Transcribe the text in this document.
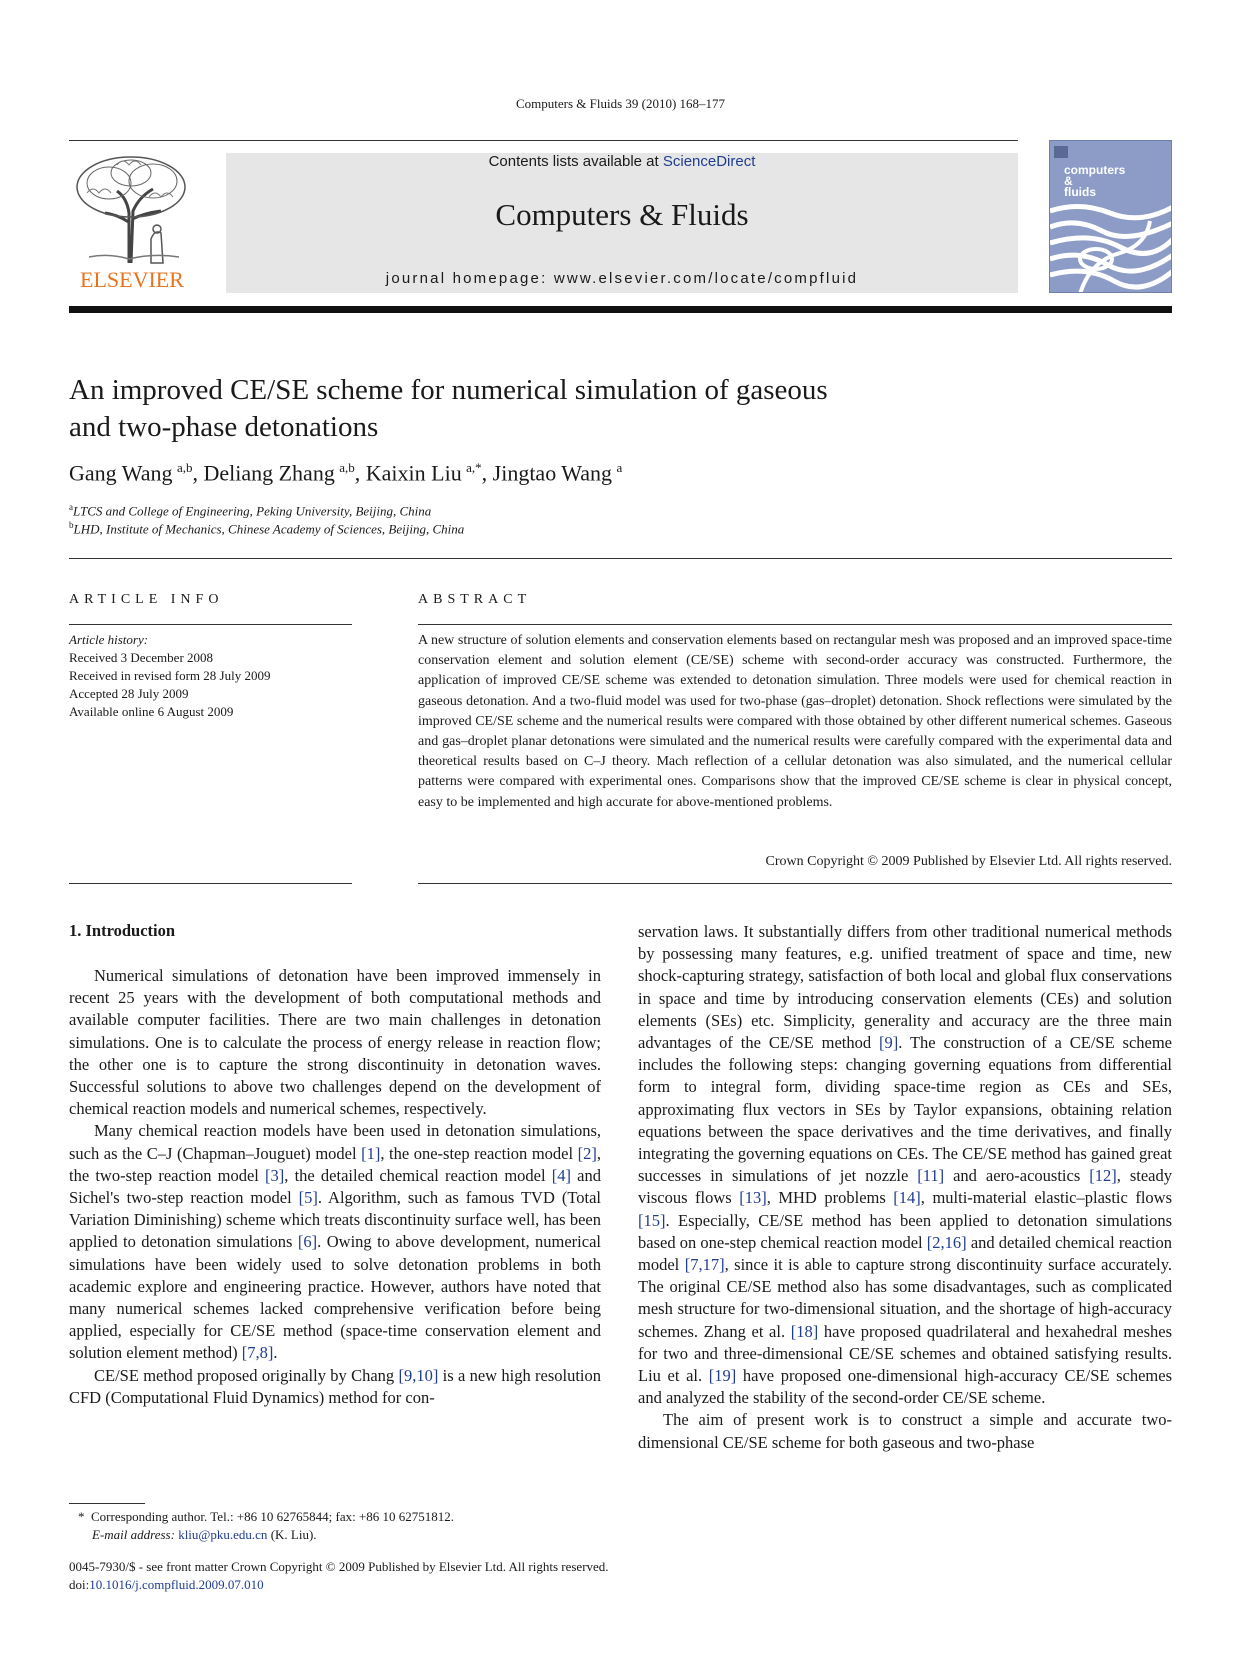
Computers & Fluids 39 (2010) 168–177
ELSEVIER
Contents lists available at ScienceDirect
Computers & Fluids
journal homepage: www.elsevier.com/locate/compfluid
computers
&
fluids
An improved CE/SE scheme for numerical simulation of gaseous
and two-phase detonations
Gang Wang  $^{a,b}$, Deliang Zhang  $^{a,b}$, Kaixin Liu  $^{a,*}$, Jingtao Wang  $^a$
$^a$LTCS and College of Engineering, Peking University, Beijing, China
$^b$LHD, Institute of Mechanics, Chinese Academy of Sciences, Beijing, China
ARTICLE INFO	ABSTRACT
Article history:
Received 3 December 2008
Received in revised form 28 July 2009
Accepted 28 July 2009
Available online 6 August 2009
A new structure of solution elements and conservation elements based on rectangular mesh was proposed and an improved space-time conservation element and solution element (CE/SE) scheme with second-order accuracy was constructed. Furthermore, the application of improved CE/SE scheme was extended to detonation simulation. Three models were used for chemical reaction in gaseous detonation. And a two-fluid model was used for two-phase (gas–droplet) detonation. Shock reflections were simulated by the improved CE/SE scheme and the numerical results were compared with those obtained by other different numerical schemes. Gaseous and gas–droplet planar detonations were simulated and the numerical results were carefully compared with the experimental data and theoretical results based on C–J theory. Mach reflection of a cellular detonation was also simulated, and the numerical cellular patterns were compared with experimental ones. Comparisons show that the improved CE/SE scheme is clear in physical concept, easy to be implemented and high accurate for above-mentioned problems.
Crown Copyright © 2009 Published by Elsevier Ltd. All rights reserved.
1. Introduction

Numerical simulations of detonation have been improved immensely in recent 25 years with the development of both computational methods and available computer facilities. There are two main challenges in detonation simulations. One is to calculate the process of energy release in reaction flow; the other one is to capture the strong discontinuity in detonation waves. Successful solutions to above two challenges depend on the development of chemical reaction models and numerical schemes, respectively.

Many chemical reaction models have been used in detonation simulations, such as the C–J (Chapman–Jouguet) model [1], the one-step reaction model [2], the two-step reaction model [3], the detailed chemical reaction model [4] and Sichel's two-step reaction model [5]. Algorithm, such as famous TVD (Total Variation Diminishing) scheme which treats discontinuity surface well, has been applied to detonation simulations [6]. Owing to above development, numerical simulations have been widely used to solve detonation problems in both academic explore and engineering practice. However, authors have noted that many numerical schemes lacked comprehensive verification before being applied, especially for CE/SE method (space-time conservation element and solution element method) [7,8].

CE/SE method proposed originally by Chang [9,10] is a new high resolution CFD (Computational Fluid Dynamics) method for con-

servation laws. It substantially differs from other traditional numerical methods by possessing many features, e.g. unified treatment of space and time, new shock-capturing strategy, satisfaction of both local and global flux conservations in space and time by introducing conservation elements (CEs) and solution elements (SEs) etc. Simplicity, generality and accuracy are the three main advantages of the CE/SE method [9]. The construction of a CE/SE scheme includes the following steps: changing governing equations from differential form to integral form, dividing space-time region as CEs and SEs, approximating flux vectors in SEs by Taylor expansions, obtaining relation equations between the space derivatives and the time derivatives, and finally integrating the governing equations on CEs. The CE/SE method has gained great successes in simulations of jet nozzle [11] and aero-acoustics [12], steady viscous flows [13], MHD problems [14], multi-material elastic–plastic flows [15]. Especially, CE/SE method has been applied to detonation simulations based on one-step chemical reaction model [2,16] and detailed chemical reaction model [7,17], since it is able to capture strong discontinuity surface accurately. The original CE/SE method also has some disadvantages, such as complicated mesh structure for two-dimensional situation, and the shortage of high-accuracy schemes. Zhang et al. [18] have proposed quadrilateral and hexahedral meshes for two and three-dimensional CE/SE schemes and obtained satisfying results. Liu et al. [19] have proposed one-dimensional high-accuracy CE/SE schemes and analyzed the stability of the second-order CE/SE scheme.

The aim of present work is to construct a simple and accurate two-dimensional CE/SE scheme for both gaseous and two-phase

* Corresponding author. Tel.: +86 10 62765844; fax: +86 10 62751812.
E-mail address: kliu@pku.edu.cn (K. Liu).
0045-7930/$ - see front matter Crown Copyright © 2009 Published by Elsevier Ltd. All rights reserved.
doi:10.1016/j.compfluid.2009.07.010
